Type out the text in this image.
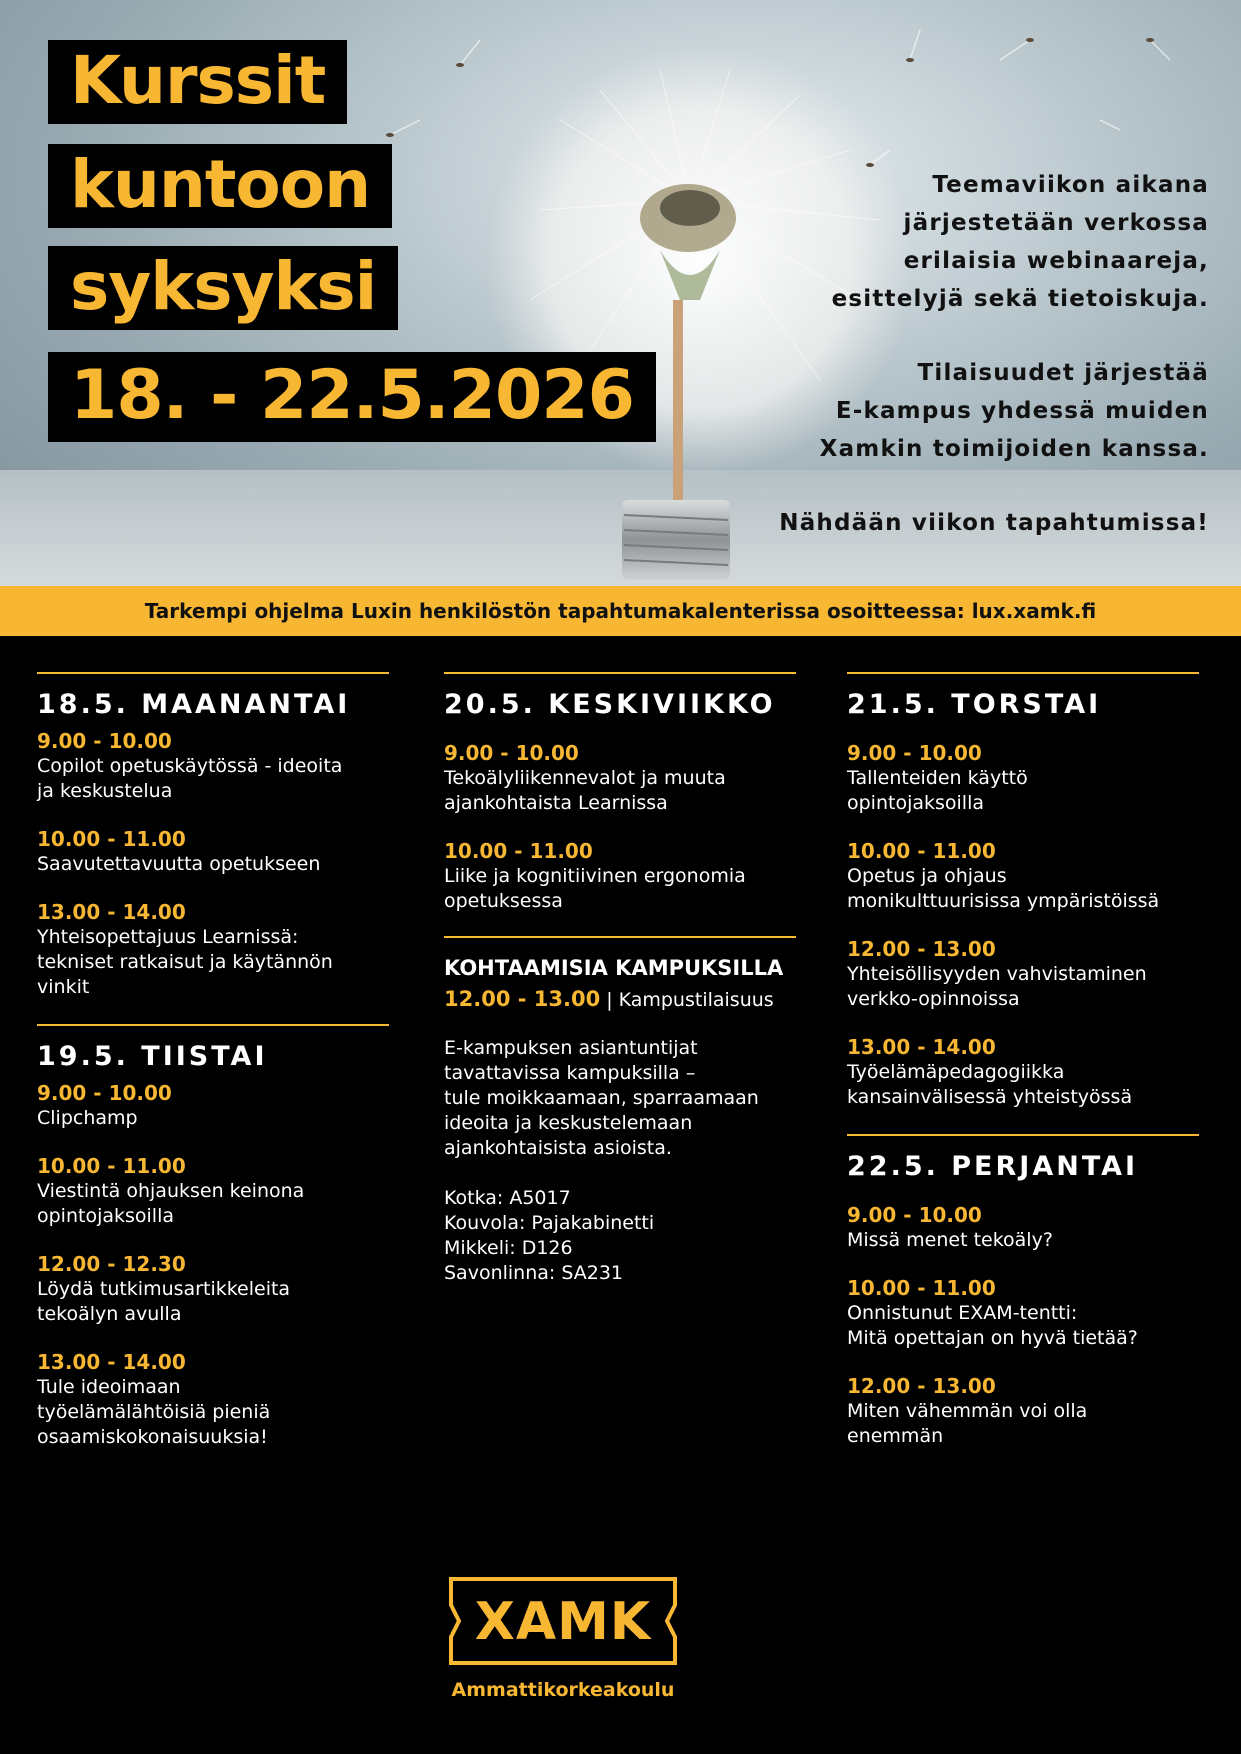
Kurssit
kuntoon
syksyksi
18. - 22.5.2026

Teemaviikon aikana
järjestetään verkossa
erilaisia webinaareja,
esittelyjä sekä tietoiskuja.

Tilaisuudet järjestää
E-kampus yhdessä muiden
Xamkin toimijoiden kanssa.

Nähdään viikon tapahtumissa!

Tarkempi ohjelma Luxin henkilöstön tapahtumakalenterissa osoitteessa: lux.xamk.fi
18.5. MAANANTAI
9.00 - 10.00
Copilot opetuskäytössä - ideoita
ja keskustelua
10.00 - 11.00
Saavutettavuutta opetukseen
13.00 - 14.00
Yhteisopettajuus Learnissä:
tekniset ratkaisut ja käytännön
vinkit
19.5. TIISTAI
9.00 - 10.00
Clipchamp
10.00 - 11.00
Viestintä ohjauksen keinona
opintojaksoilla
12.00 - 12.30
Löydä tutkimusartikkeleita
tekoälyn avulla
13.00 - 14.00
Tule ideoimaan
työelämälähtöisiä pieniä
osaamiskokonaisuuksia!
20.5. KESKIVIIKKO
9.00 - 10.00
Tekoälyliikennevalot ja muuta
ajankohtaista Learnissa
10.00 - 11.00
Liike ja kognitiivinen ergonomia
opetuksessa
KOHTAAMISIA KAMPUKSILLA
12.00 - 13.00 | Kampustilaisuus
E-kampuksen asiantuntijat
tavattavissa kampuksilla –
tule moikkaamaan, sparraamaan
ideoita ja keskustelemaan
ajankohtaisista asioista.
Kotka: A5017
Kouvola: Pajakabinetti
Mikkeli: D126
Savonlinna: SA231
21.5. TORSTAI
9.00 - 10.00
Tallenteiden käyttö
opintojaksoilla
10.00 - 11.00
Opetus ja ohjaus
monikulttuurisissa ympäristöissä
12.00 - 13.00
Yhteisöllisyyden vahvistaminen
verkko-opinnoissa
13.00 - 14.00
Työelämäpedagogiikka
kansainvälisessä yhteistyössä
22.5. PERJANTAI
9.00 - 10.00
Missä menet tekoäly?
10.00 - 11.00
Onnistunut EXAM-tentti:
Mitä opettajan on hyvä tietää?
12.00 - 13.00
Miten vähemmän voi olla
enemmän
XAMK
Ammattikorkeakoulu
